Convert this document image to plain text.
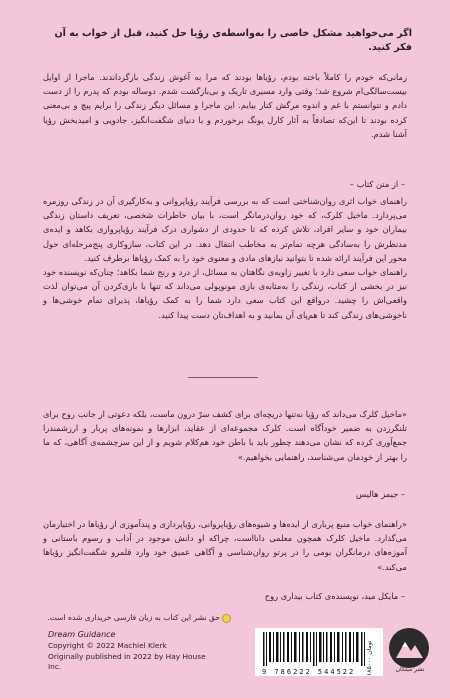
اگر می‌خواهید مشکل خاصی را به‌واسطه‌ی رؤیا حل کنید، قبل از خواب به آن فکر کنید.

زمانی‌که خودم را کاملاً باخته بودم، رؤیاها بودند که مرا به آغوش زندگی بازگرداندند. ماجرا از اوایل بیست‌سالگی‌ام شروع شد؛ وقتی وارد مسیری تاریک و بی‌بازگشت شدم. دوساله بودم که پدرم را از دست دادم و نتوانستم با غم و اندوه مرگش کنار بیایم. این ماجرا و مسائل دیگر زندگی را برایم پیچ و بی‌معنی کرده بودند تا این‌که تصادفاً به آثار کارل یونگ برخوردم و با دنیای شگفت‌انگیز، جادویی و امیدبخش رؤیا آشنا شدم.

– از متن کتاب –

راهنمای خواب اثری روان‌شناختی است که به بررسی فرآیند رؤیاپروانی و به‌کارگیری آن در زندگی روزمره می‌پردازد. ماخیل کلرک، که خود روان‌درمانگر است، با بیان خاطرات شخصی، تعریف داستان زندگی بیماران خود و سایر افراد، تلاش کرده که تا حدودی از دشواری درک فرآیند رؤیاپروازی بکاهد و ایده‌ی مدنظرش را به‌سادگی هرچه تمام‌تر به مخاطب انتقال دهد. در این کتاب، سازوکاری پنج‌مرحله‌ای حول محور این فرآیند ارائه شده تا بتوانید نیازهای مادی و معنوی خود را به کمک رؤیاها برطرف کنید.

راهنمای خواب سعی دارد با تغییر زاویه‌ی نگاهتان به مسائل، از درد و رنج شما بکاهد؛ چنان‌که نویسنده خود نیز در بخشی از کتاب، زندگی را به‌مثابه‌ی بازی مونوپولی می‌داند که تنها با بازی‌کردن آن می‌توان لذت واقعی‌اش را چشید. درواقع این کتاب سعی دارد شما را به کمک رؤیاها، پذیرای تمام خوشی‌ها و ناخوشی‌های زندگی کند تا هم‌پای آن بمانید و به اهداف‌تان دست پیدا کنید.

«ماخیل کلرک می‌داند که رؤیا نه‌تنها دریچه‌ای برای کشف سرّ درون ماست، بلکه دعوتی از جانب روح برای تلنگرزدن به ضمیر خودآگاه است. کلرک مجموعه‌ای از عقاید، ابزارها و نمونه‌های پربار و ارزشمندرا جمع‌آوری کرده که نشان می‌دهند چطور باید با باطن خود هم‌کلام شویم و از این سرچشمه‌ی آگاهی، که ما را بهتر از خودمان می‌شناسد، راهنمایی بخواهیم.»

– جیمز هالیس

«راهنمای خواب منبع پرباری از ایده‌ها و شیوه‌های رؤیاپروانی، رؤیاپردازی و پندآموزی از رؤیاها در اختیارمان می‌گذارد. ماخیل کلرک همچون معلمی دانااست، چراکه او دانش موجود در آداب و رسوم باستانی و آموزه‌های درمانگران بومی را در پرتو روان‌شناسی و آگاهی عمیق خود وارد قلمرو شگفت‌انگیز رؤیاها می‌کند.»

– مایکل مید، نویسنده‌ی کتاب بیداری روح
حق نشر این کتاب به زبان فارسی خریداری شده است.
Dream Guidance
Copyright © 2022 Machiel Klerk
Originally published in 2022 by Hay House Inc.
9 786222 544522 ۱۸۵۰۰۰ تومان
نشر میلکان
